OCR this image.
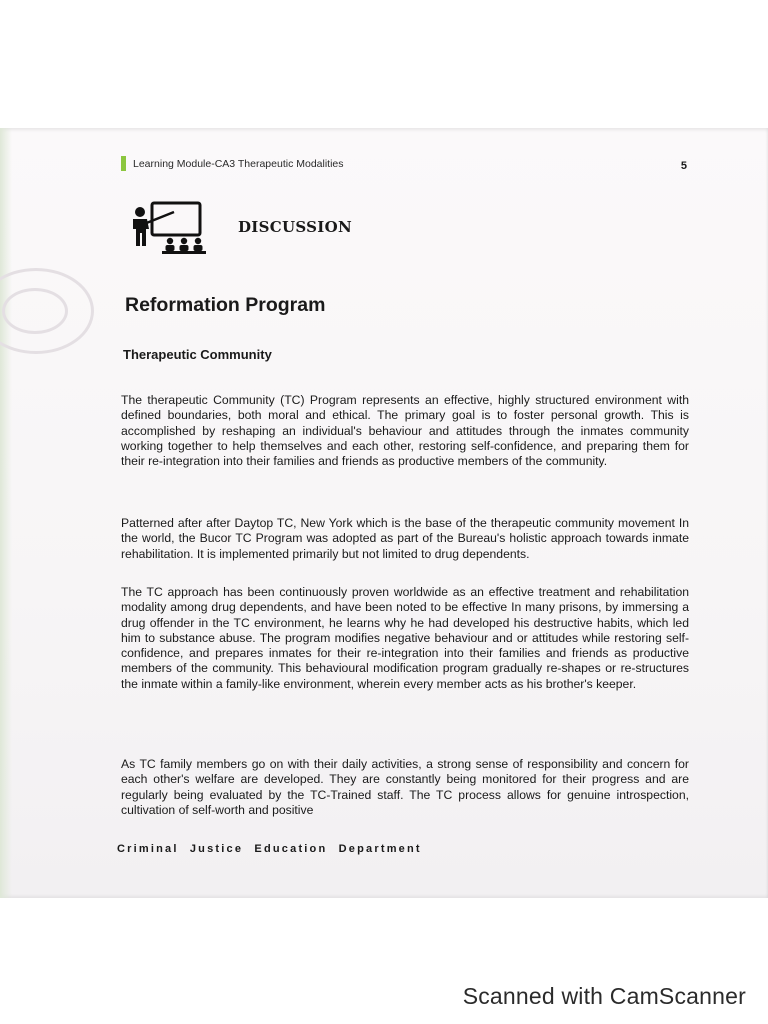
Learning Module-CA3 Therapeutic Modalities	5
DISCUSSION
Reformation Program
Therapeutic Community

The therapeutic Community (TC) Program represents an effective, highly structured environment with defined boundaries, both moral and ethical. The primary goal is to foster personal growth. This is accomplished by reshaping an individual's behaviour and attitudes through the inmates community working together to help themselves and each other, restoring self-confidence, and preparing them for their re-integration into their families and friends as productive members of the community.

Patterned after after Daytop TC, New York which is the base of the therapeutic community movement In the world, the Bucor TC Program was adopted as part of the Bureau's holistic approach towards inmate rehabilitation. It is implemented primarily but not limited to drug dependents.

The TC approach has been continuously proven worldwide as an effective treatment and rehabilitation modality among drug dependents, and have been noted to be effective In many prisons, by immersing a drug offender in the TC environment, he learns why he had developed his destructive habits, which led him to substance abuse. The program modifies negative behaviour and or attitudes while restoring self-confidence, and prepares inmates for their re-integration into their families and friends as productive members of the community. This behavioural modification program gradually re-shapes or re-structures the inmate within a family-like environment, wherein every member acts as his brother's keeper.

As TC family members go on with their daily activities, a strong sense of responsibility and concern for each other's welfare are developed. They are constantly being monitored for their progress and are regularly being evaluated by the TC-Trained staff. The TC process allows for genuine introspection, cultivation of self-worth and positive

Criminal Justice Education Department
Scanned with CamScanner
